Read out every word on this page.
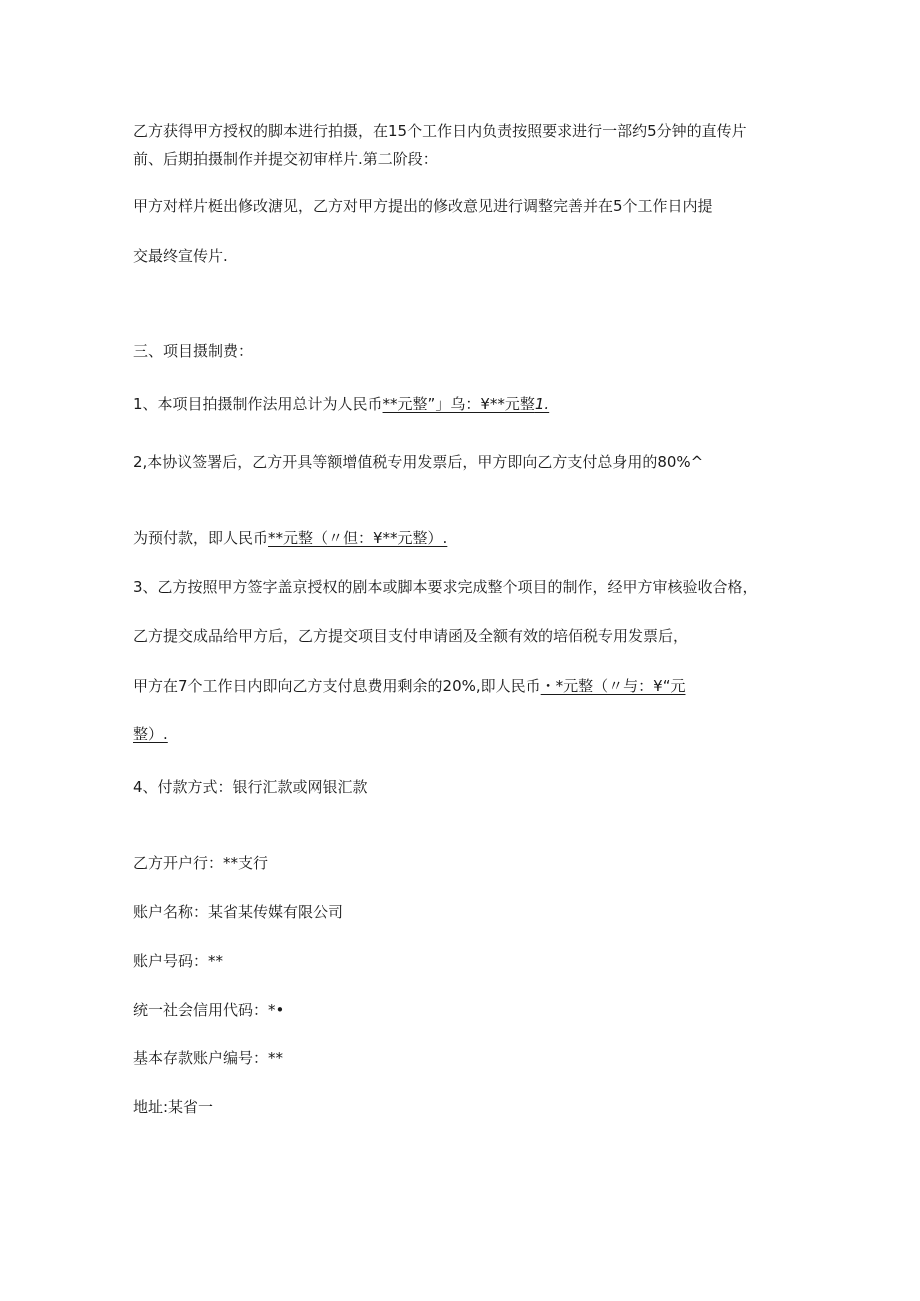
乙方获得甲方授权的脚本进行拍摄，在15个工作日内负责按照要求进行一部约5分钟的直传片
前、后期拍摄制作并提交初审样片.第二阶段：
甲方对样片梃出修改溏见，乙方对甲方提出的修改意见进行调整完善并在5个工作日内提
交最终宣传片.
三、项目摄制费：
1、本项目拍摄制作法用总计为人民币**元整”」乌：¥**元整1.
2,本协议签署后，乙方开具等额增值税专用发票后，甲方即向乙方支付总身用的80%^
为预付款，即人民币**元整（〃但：¥**元整）.
3、乙方按照甲方签字盖京授权的剧本或脚本要求完成整个项目的制作，经甲方审核验收合格，
乙方提交成品给甲方后，乙方提交项目支付申请函及全额有效的培佰税专用发票后，
甲方在7个工作日内即向乙方支付息费用剩余的20%,即人民币・*元整（〃与：¥“元
整）.
4、付款方式：银行汇款或网银汇款
乙方开户行：**支行
账户名称：某省某传媒有限公司
账户号码：**
统一社会信用代码：*•
基本存款账户编号：**
地址:某省一
